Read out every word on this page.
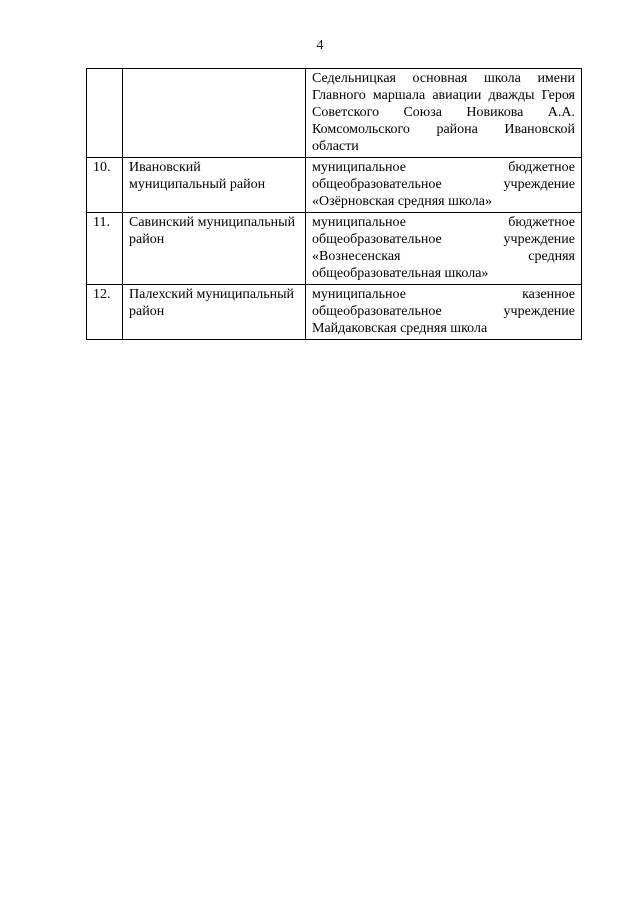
4
		Седельницкая основная школа имени Главного маршала авиации дважды Героя Советского Союза Новикова А.А. Комсомольского района Ивановской области
10.	Ивановский муниципальный район	муниципальное бюджетное общеобразовательное учреждение «Озёрновская средняя школа»
11.	Савинский муниципальный район	муниципальное бюджетное общеобразовательное учреждение «Вознесенская средняя общеобразовательная школа»
12.	Палехский муниципальный район	муниципальное казенное общеобразовательное учреждение Майдаковская средняя школа
